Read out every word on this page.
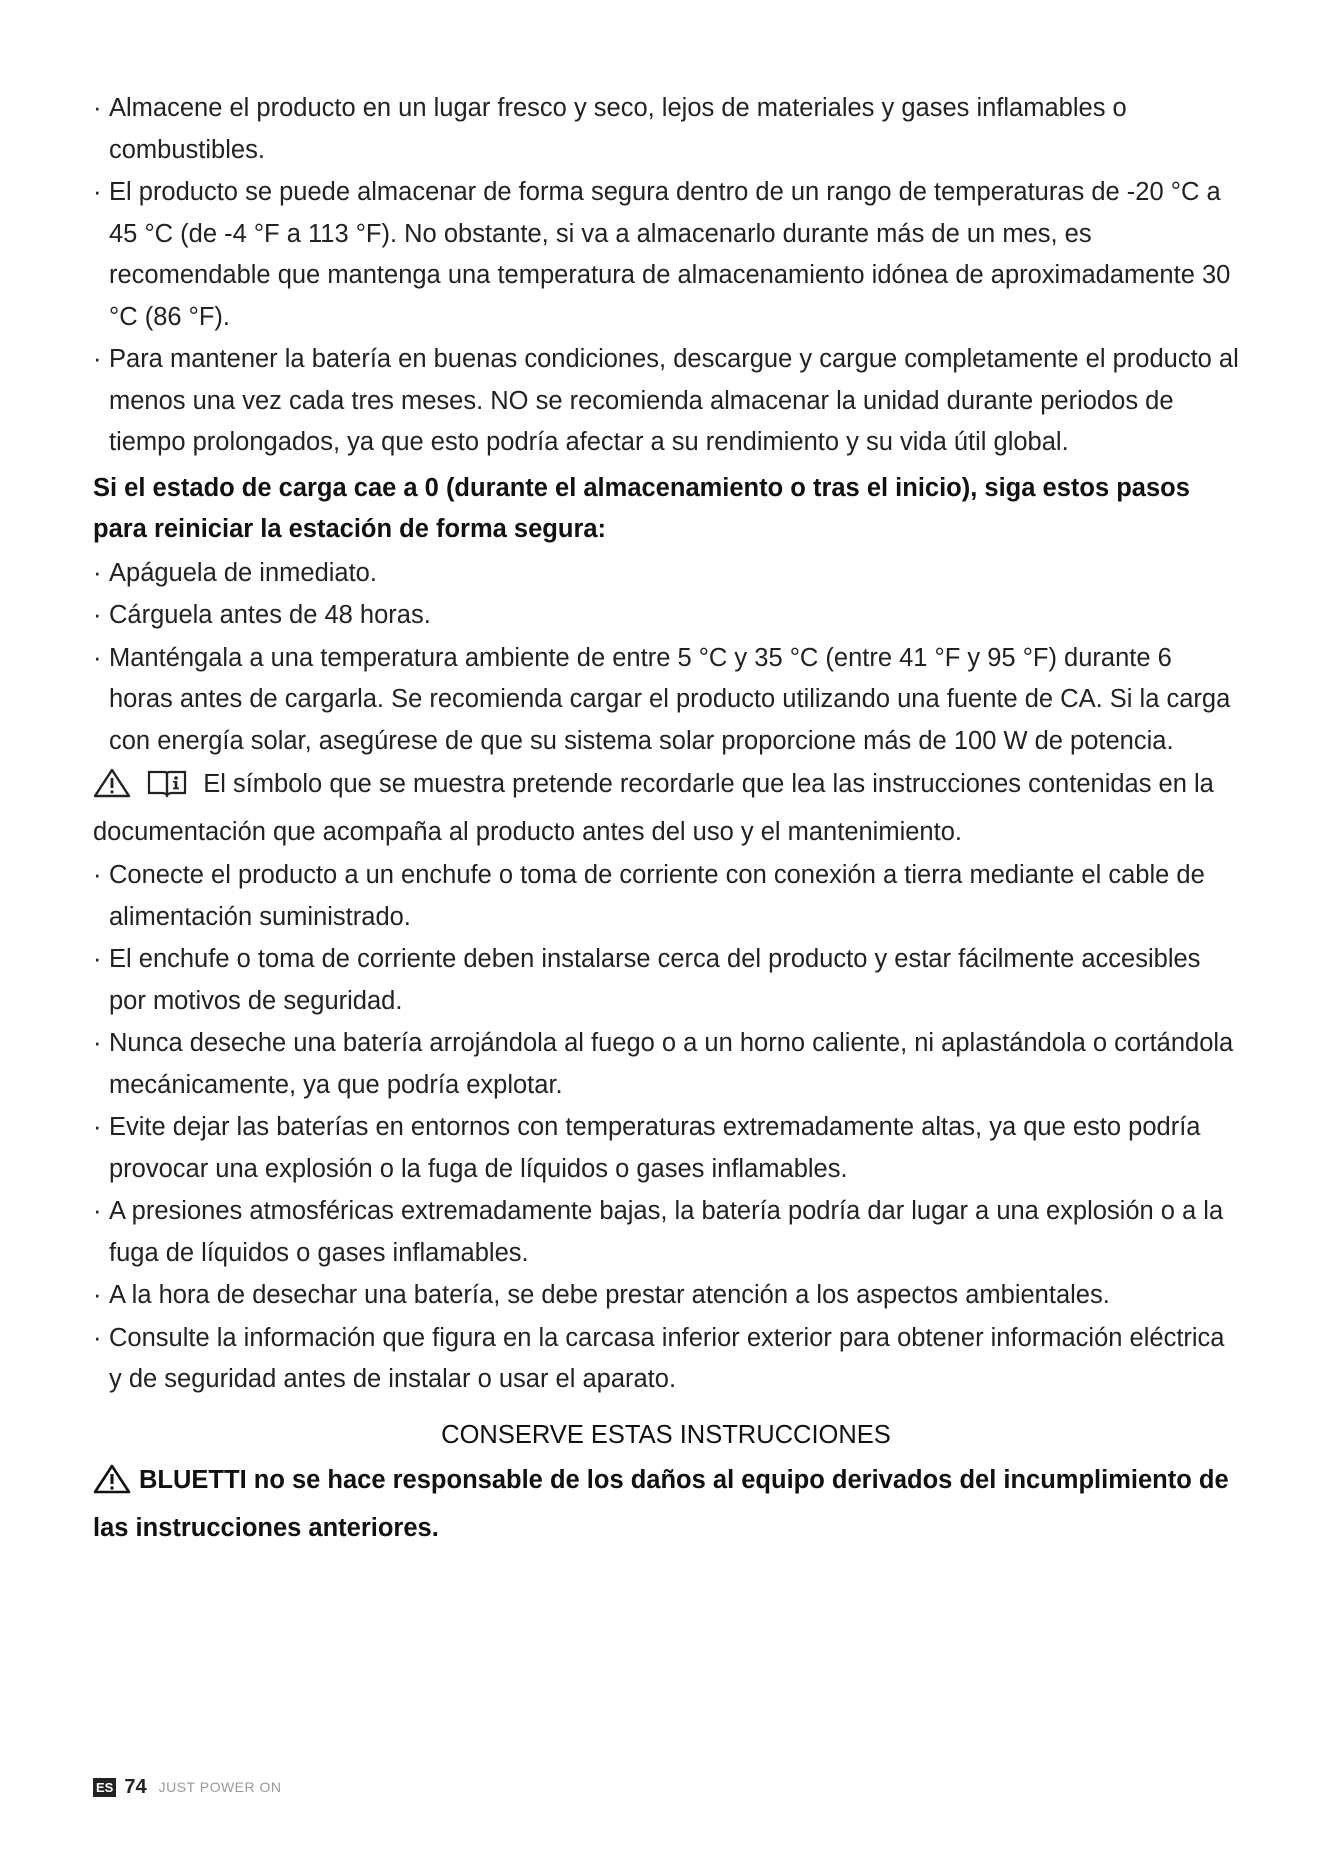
· Almacene el producto en un lugar fresco y seco, lejos de materiales y gases inflamables o combustibles.
· El producto se puede almacenar de forma segura dentro de un rango de temperaturas de -20 °C a 45 °C (de -4 °F a 113 °F). No obstante, si va a almacenarlo durante más de un mes, es recomendable que mantenga una temperatura de almacenamiento idónea de aproximadamente 30 °C (86 °F).
· Para mantener la batería en buenas condiciones, descargue y cargue completamente el producto al menos una vez cada tres meses. NO se recomienda almacenar la unidad durante periodos de tiempo prolongados, ya que esto podría afectar a su rendimiento y su vida útil global.
Si el estado de carga cae a 0 (durante el almacenamiento o tras el inicio), siga estos pasos para reiniciar la estación de forma segura:
· Apáguela de inmediato.
· Cárguela antes de 48 horas.
· Manténgala a una temperatura ambiente de entre 5 °C y 35 °C (entre 41 °F y 95 °F) durante 6 horas antes de cargarla. Se recomienda cargar el producto utilizando una fuente de CA. Si la carga con energía solar, asegúrese de que su sistema solar proporcione más de 100 W de potencia.
El símbolo que se muestra pretende recordarle que lea las instrucciones contenidas en la documentación que acompaña al producto antes del uso y el mantenimiento.
· Conecte el producto a un enchufe o toma de corriente con conexión a tierra mediante el cable de alimentación suministrado.
· El enchufe o toma de corriente deben instalarse cerca del producto y estar fácilmente accesibles por motivos de seguridad.
· Nunca deseche una batería arrojándola al fuego o a un horno caliente, ni aplastándola o cortándola mecánicamente, ya que podría explotar.
· Evite dejar las baterías en entornos con temperaturas extremadamente altas, ya que esto podría provocar una explosión o la fuga de líquidos o gases inflamables.
· A presiones atmosféricas extremadamente bajas, la batería podría dar lugar a una explosión o a la fuga de líquidos o gases inflamables.
· A la hora de desechar una batería, se debe prestar atención a los aspectos ambientales.
· Consulte la información que figura en la carcasa inferior exterior para obtener información eléctrica y de seguridad antes de instalar o usar el aparato.
CONSERVE ESTAS INSTRUCCIONES
BLUETTI no se hace responsable de los daños al equipo derivados del incumplimiento de las instrucciones anteriores.
ES 74 JUST POWER ON
